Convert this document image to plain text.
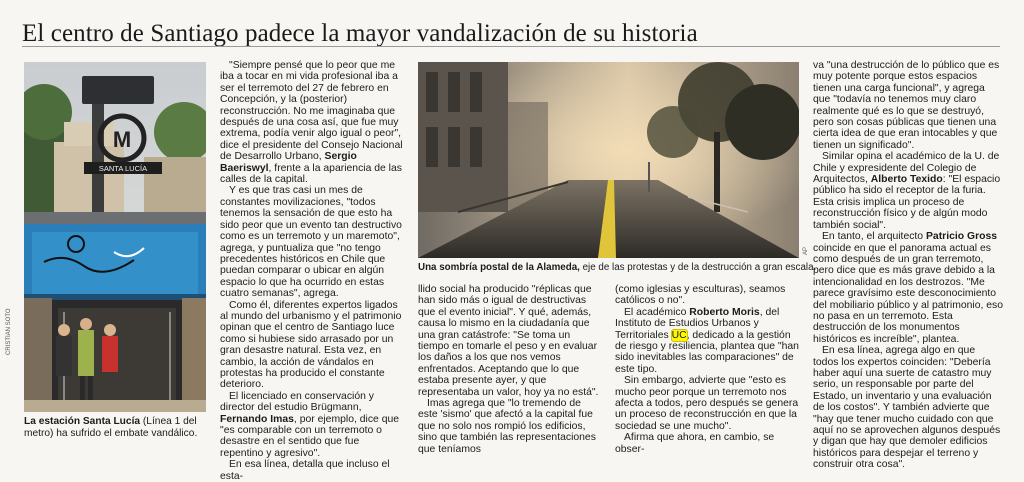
El centro de Santiago padece la mayor vandalización de su historia
M
SANTA LUCÍA
CRISTIAN SOTO
La estación Santa Lucía (Línea 1 del metro) ha sufrido el embate vandálico.

"Siempre pensé que lo peor que me iba a tocar en mi vida profesional iba a ser el terremoto del 27 de febrero en Concepción, y la (posterior) reconstrucción. No me imaginaba que después de una cosa así, que fue muy extrema, podía venir algo igual o peor", dice el presidente del Consejo Nacional de Desarrollo Urbano, Sergio Baeriswyl, frente a la apariencia de las calles de la capital.

Y es que tras casi un mes de constantes movilizaciones, "todos tenemos la sensación de que esto ha sido peor que un evento tan destructivo como es un terremoto y un maremoto", agrega, y puntualiza que "no tengo precedentes históricos en Chile que puedan comparar o ubicar en algún espacio lo que ha ocurrido en estas cuatro semanas", agrega.

Como él, diferentes expertos ligados al mundo del urbanismo y el patrimonio opinan que el centro de Santiago luce como si hubiese sido arrasado por un gran desastre natural. Esta vez, en cambio, la acción de vándalos en protestas ha producido el constante deterioro.

El licenciado en conservación y director del estudio Brügmann, Fernando Imas, por ejemplo, dice que "es comparable con un terremoto o desastre en el sentido que fue repentino y agresivo".

En esa línea, detalla que incluso el esta-

AP
Una sombría postal de la Alameda, eje de las protestas y de la destrucción a gran escala.

llido social ha producido "réplicas que han sido más o igual de destructivas que el evento inicial". Y qué, además, causa lo mismo en la ciudadanía que una gran catástrofe: "Se toma un tiempo en tomarle el peso y en evaluar los daños a los que nos vemos enfrentados. Aceptando que lo que estaba presente ayer, y que representaba un valor, hoy ya no está".

Imas agrega que "lo tremendo de este 'sismo' que afectó a la capital fue que no solo nos rompió los edificios, sino que también las representaciones que teníamos

(como iglesias y esculturas), seamos católicos o no".

El académico Roberto Moris, del Instituto de Estudios Urbanos y Territoriales UC, dedicado a la gestión de riesgo y resiliencia, plantea que "han sido inevitables las comparaciones" de este tipo.

Sin embargo, advierte que "esto es mucho peor porque un terremoto nos afecta a todos, pero después se genera un proceso de reconstrucción en que la sociedad se une mucho".

Afirma que ahora, en cambio, se obser-

va "una destrucción de lo público que es muy potente porque estos espacios tienen una carga funcional", y agrega que "todavía no tenemos muy claro realmente qué es lo que se destruyó, pero son cosas públicas que tienen una cierta idea de que eran intocables y que tienen un significado".

Similar opina el académico de la U. de Chile y expresidente del Colegio de Arquitectos, Alberto Texido: "El espacio público ha sido el receptor de la furia. Esta crisis implica un proceso de reconstrucción físico y de algún modo también social".

En tanto, el arquitecto Patricio Gross coincide en que el panorama actual es como después de un gran terremoto, pero dice que es más grave debido a la intencionalidad en los destrozos. "Me parece gravísimo este desconocimiento del mobiliario público y al patrimonio, eso no pasa en un terremoto. Esta destrucción de los monumentos históricos es increíble", plantea.

En esa línea, agrega algo en que todos los expertos coinciden: "Debería haber aquí una suerte de catastro muy serio, un responsable por parte del Estado, un inventario y una evaluación de los costos". Y también advierte que "hay que tener mucho cuidado con que aquí no se aprovechen algunos después y digan que hay que demoler edificios históricos para despejar el terreno y construir otra cosa".
